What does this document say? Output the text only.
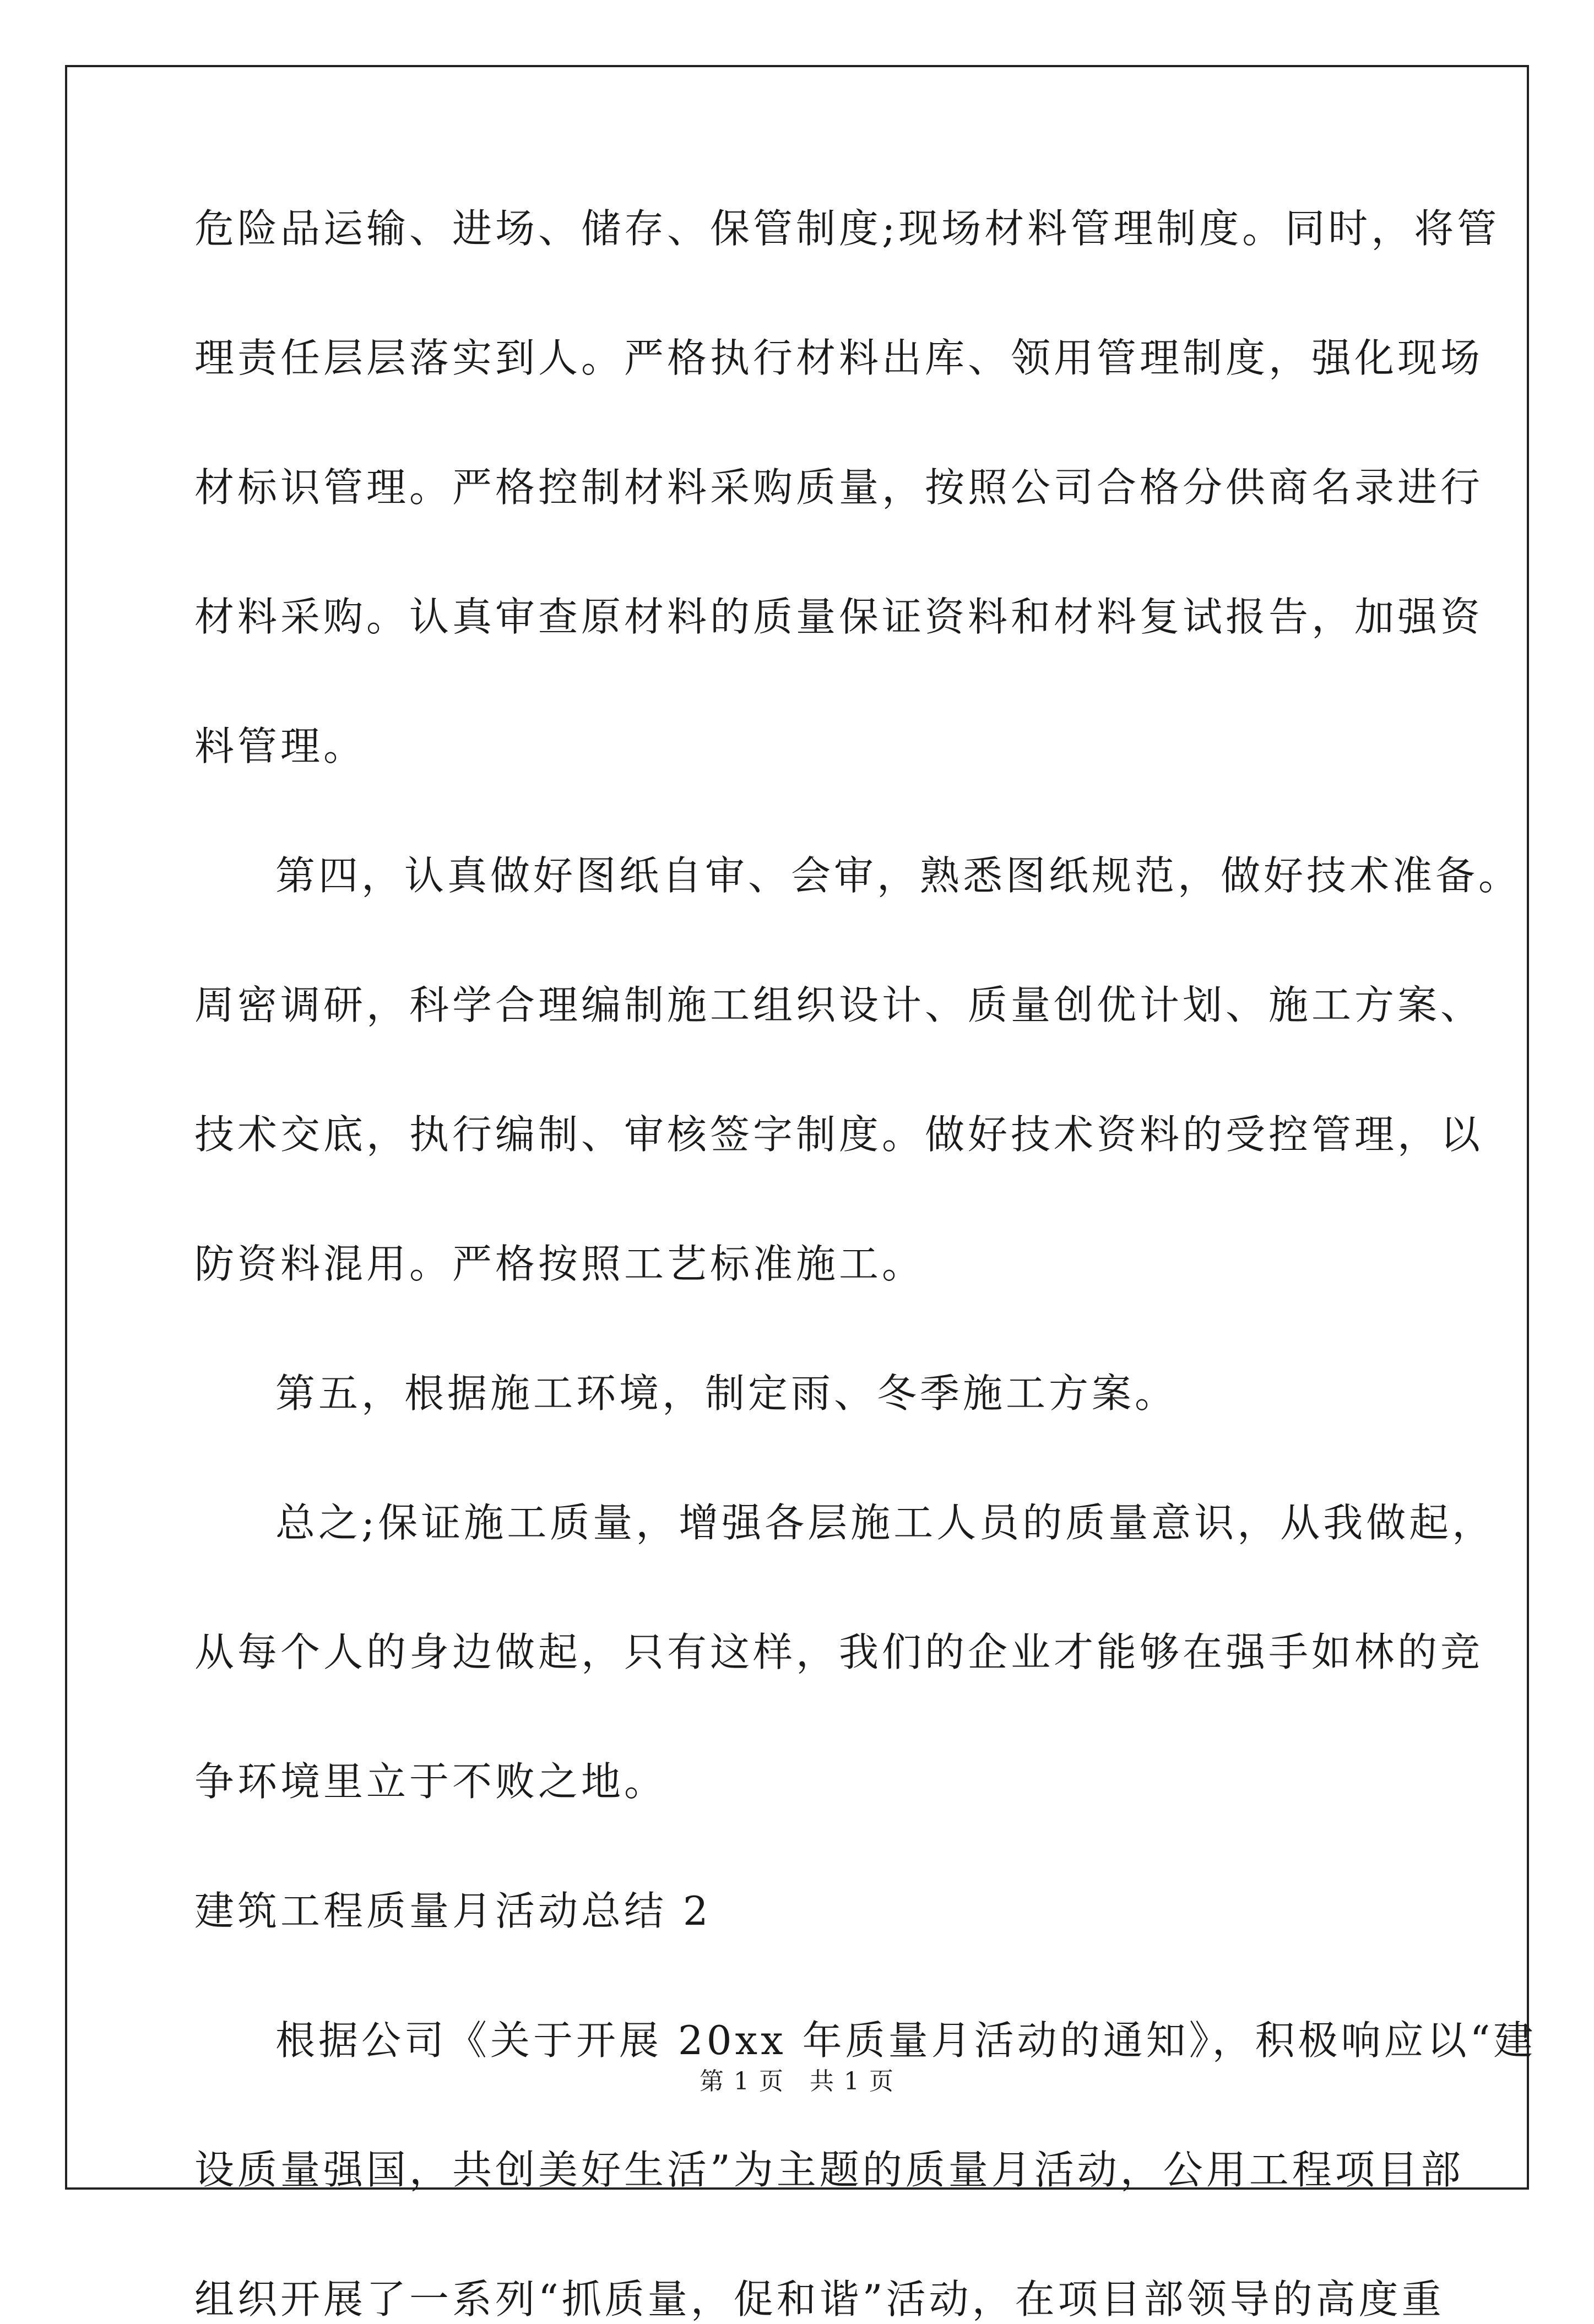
危险品运输、进场、储存、保管制度;现场材料管理制度。同时，将管
理责任层层落实到人。严格执行材料出库、领用管理制度，强化现场
材标识管理。严格控制材料采购质量，按照公司合格分供商名录进行
材料采购。认真审查原材料的质量保证资料和材料复试报告，加强资
料管理。
第四，认真做好图纸自审、会审，熟悉图纸规范，做好技术准备。
周密调研，科学合理编制施工组织设计、质量创优计划、施工方案、
技术交底，执行编制、审核签字制度。做好技术资料的受控管理，以
防资料混用。严格按照工艺标准施工。
第五，根据施工环境，制定雨、冬季施工方案。
总之;保证施工质量，增强各层施工人员的质量意识，从我做起，
从每个人的身边做起，只有这样，我们的企业才能够在强手如林的竞
争环境里立于不败之地。
建筑工程质量月活动总结 2
根据公司《关于开展 20xx 年质量月活动的通知》，积极响应以“建
设质量强国，共创美好生活”为主题的质量月活动，公用工程项目部
组织开展了一系列“抓质量，促和谐”活动，在项目部领导的高度重
第 1 页　共 1 页
